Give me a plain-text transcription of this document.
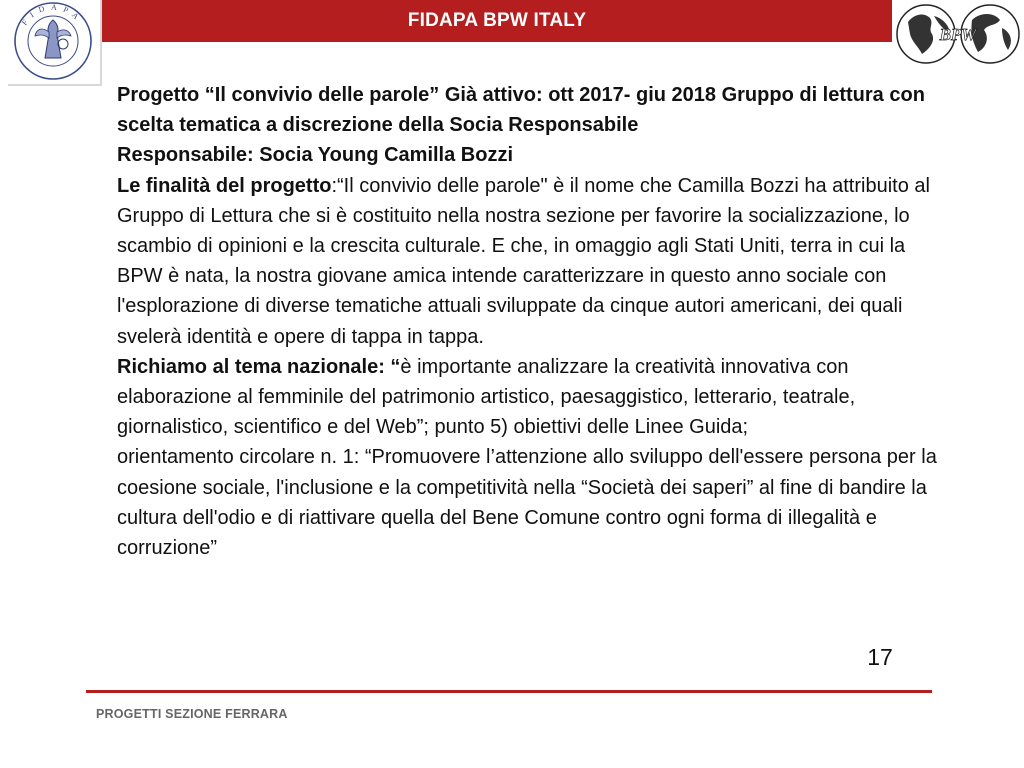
FIDAPA	FIDAPA BPW ITALY
BPW

Progetto “Il convivio delle parole” Già attivo: ott 2017- giu 2018 Gruppo di lettura con scelta tematica a discrezione della Socia Responsabile

Responsabile: Socia Young Camilla Bozzi

Le finalità del progetto:“Il convivio delle parole" è il nome che Camilla Bozzi ha attribuito al Gruppo di Lettura che si è costituito nella nostra sezione per favorire la socializzazione, lo scambio di opinioni e la crescita culturale. E che, in omaggio agli Stati Uniti, terra in cui la BPW è nata, la nostra giovane amica intende caratterizzare in questo anno sociale con l'esplorazione di diverse tematiche attuali sviluppate da cinque autori americani, dei quali svelerà identità e opere di tappa in tappa.

Richiamo al tema nazionale: “è importante analizzare la creatività innovativa con elaborazione al femminile del patrimonio artistico, paesaggistico, letterario, teatrale, giornalistico, scientifico e del Web”; punto 5) obiettivi delle Linee Guida;

orientamento circolare n. 1: “Promuovere l’attenzione allo sviluppo dell'essere persona per la coesione sociale, l'inclusione e la competitività nella “Società dei saperi” al fine di bandire la cultura dell'odio e di riattivare quella del Bene Comune contro ogni forma di illegalità e corruzione”

17
PROGETTI SEZIONE FERRARA
